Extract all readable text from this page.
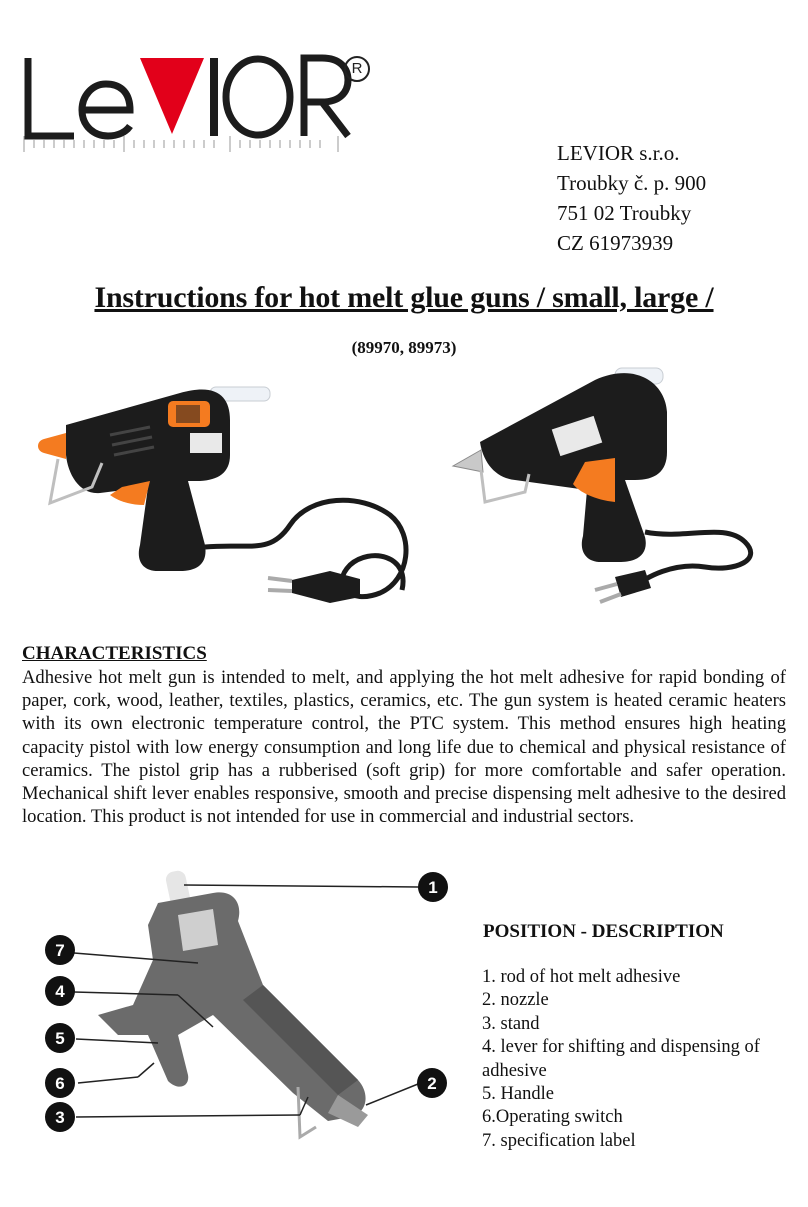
R
LEVIOR s.r.o.
Troubky č. p. 900
751 02 Troubky
CZ 61973939
Instructions for hot melt glue guns / small, large /
(89970, 89973)
CHARACTERISTICS
Adhesive hot melt gun is intended to melt, and applying the hot melt adhesive for rapid bonding of paper, cork, wood, leather, textiles, plastics, ceramics, etc. The gun system is heated ceramic heaters with its own electronic temperature control, the PTC system. This method ensures high heating capacity pistol with low energy consumption and long life due to chemical and physical resistance of ceramics. The pistol grip has a rubberised (soft grip) for more comfortable and safer operation. Mechanical shift lever enables responsive, smooth and precise dispensing melt adhesive to the desired location. This product is not intended for use in commercial and industrial sectors.
1
7
4
5
6
3
2
POSITION - DESCRIPTION
1. rod of hot melt adhesive
2. nozzle
3. stand
4. lever for shifting and dispensing of adhesive
5. Handle
6.Operating switch
7. specification label
